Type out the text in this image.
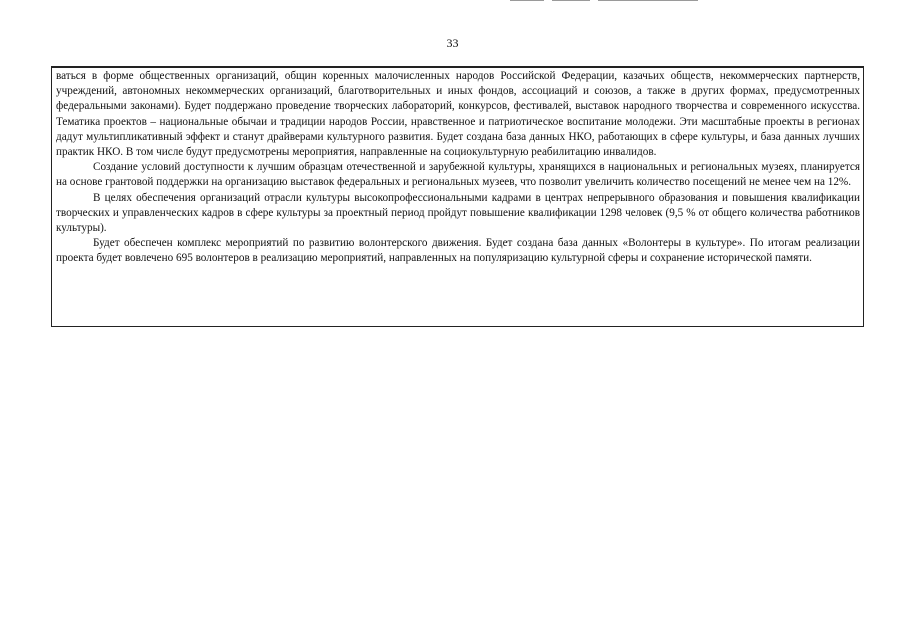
33

ваться в форме общественных организаций, общин коренных малочисленных народов Российской Федерации, казачьих обществ, некоммерческих партнерств, учреждений, автономных некоммерческих организаций, благотворительных и иных фондов, ассоциаций и союзов, а также в других формах, предусмотренных федеральными законами). Будет поддержано проведение творческих лабораторий, конкурсов, фестивалей, выставок народного творчества и современного искусства. Тематика проектов – национальные обычаи и традиции народов России, нравственное и патриотическое воспитание молодежи. Эти масштабные проекты в регионах дадут мультипликативный эффект и станут драйверами культурного развития. Будет создана база данных НКО, работающих в сфере культуры, и база данных лучших практик НКО. В том числе будут предусмотрены мероприятия, направленные на социокультурную реабилитацию инвалидов.

Создание условий доступности к лучшим образцам отечественной и зарубежной культуры, хранящихся в национальных и региональных музеях, планируется на основе грантовой поддержки на организацию выставок федеральных и региональных музеев, что позволит увеличить количество посещений не менее чем на 12%.

В целях обеспечения организаций отрасли культуры высокопрофессиональными кадрами в центрах непрерывного образования и повышения квалификации творческих и управленческих кадров в сфере культуры за проектный период пройдут повышение квалификации 1298 человек (9,5 % от общего количества работников культуры).

Будет обеспечен комплекс мероприятий по развитию волонтерского движения. Будет создана база данных «Волонтеры в культуре». По итогам реализации проекта будет вовлечено 695 волонтеров в реализацию мероприятий, направленных на популяризацию культурной сферы и сохранение исторической памяти.
